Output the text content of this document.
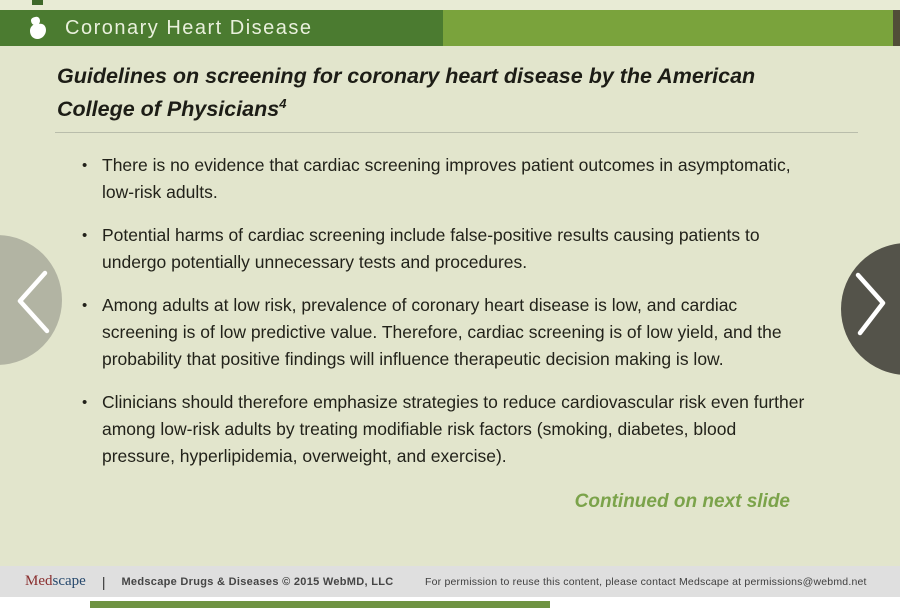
Coronary Heart Disease
Guidelines on screening for coronary heart disease by the American
College of Physicians$^4$
• There is no evidence that cardiac screening improves patient outcomes in asymptomatic, low-risk adults.
• Potential harms of cardiac screening include false-positive results causing patients to undergo potentially unnecessary tests and procedures.
• Among adults at low risk, prevalence of coronary heart disease is low, and cardiac screening is of low predictive value. Therefore, cardiac screening is of low yield, and the probability that positive findings will influence therapeutic decision making is low.
• Clinicians should therefore emphasize strategies to reduce cardiovascular risk even further among low-risk adults by treating modifiable risk factors (smoking, diabetes, blood pressure, hyperlipidemia, overweight, and exercise).
Continued on next slide
Medscape | Medscape Drugs & Diseases © 2015 WebMD, LLC	For permission to reuse this content, please contact Medscape at permissions@webmd.net
